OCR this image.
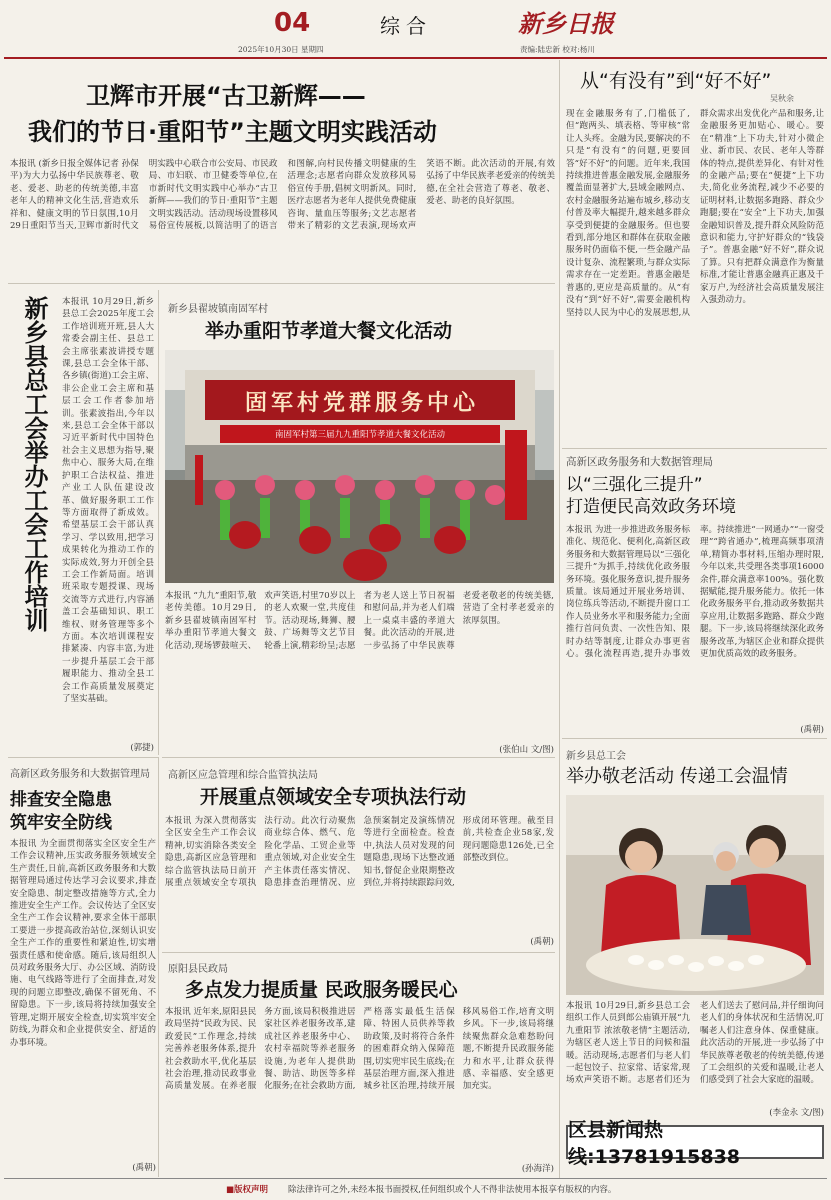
04	综合
2025年10月30日 星期四
新乡日报
责编:陆忠新 校对:杨川
卫辉市开展“古卫新辉——
我们的节日·重阳节”主题文明实践活动
本报讯 (新乡日报全媒体记者 孙保平)为大力弘扬中华民族尊老、敬老、爱老、助老的传统美德,丰富老年人的精神文化生活,营造欢乐祥和、健康文明的节日氛围,10月29日重阳节当天,卫辉市新时代文明实践中心联合市公安局、市民政局、市妇联、市卫健委等单位,在市新时代文明实践中心举办“古卫新辉——我们的节日·重阳节”主题文明实践活动。活动现场设置移风易俗宣传展板,以简洁明了的语言和图解,向村民传播文明健康的生活理念;志愿者向群众发放移风易俗宣传手册,倡树文明新风。同时,医疗志愿者为老年人提供免费健康咨询、量血压等服务;文艺志愿者带来了精彩的文艺表演,现场欢声笑语不断。此次活动的开展,有效弘扬了中华民族孝老爱亲的传统美德,在全社会营造了尊老、敬老、爱老、助老的良好氛围。
新乡县总工会举办工会工作培训	本报讯 10月29日,新乡县总工会2025年度工会工作培训班开班,县人大常委会副主任、县总工会主席张素波讲授专题课,县总工会全体干部、各乡镇(街道)工会主席、非公企业工会主席和基层工会工作者参加培训。张素波指出,今年以来,县总工会全体干部以习近平新时代中国特色社会主义思想为指导,聚焦中心、服务大局,在维护职工合法权益、推进产业工人队伍建设改革、做好服务职工工作等方面取得了新成效。希望基层工会干部认真学习、学以致用,把学习成果转化为推动工作的实际成效,努力开创全县工会工作新局面。培训班采取专题授课、现场交流等方式进行,内容涵盖工会基础知识、职工维权、财务管理等多个方面。本次培训课程安排紧凑、内容丰富,为进一步提升基层工会干部履职能力、推动全县工会工作高质量发展奠定了坚实基础。
(郭捷)
高新区政务服务和大数据管理局
排查安全隐患
筑牢安全防线
本报讯 为全面贯彻落实全区安全生产工作会议精神,压实政务服务领域安全生产责任,日前,高新区政务服务和大数据管理局通过传达学习会议要求,排查安全隐患、制定整改措施等方式,全力推进安全生产工作。会议传达了全区安全生产工作会议精神,要求全体干部职工要进一步提高政治站位,深刻认识安全生产工作的重要性和紧迫性,切实增强责任感和使命感。随后,该局组织人员对政务服务大厅、办公区域、消防设施、电气线路等进行了全面排查,对发现的问题立即整改,确保不留死角、不留隐患。下一步,该局将持续加强安全管理,定期开展安全检查,切实筑牢安全防线,为群众和企业提供安全、舒适的办事环境。
(禹朝)
新乡县翟坡镇南固军村
举办重阳节孝道大餐文化活动
固军村党群服务中心
南固军村第三届九九重阳节孝道大餐文化活动
本报讯 “九九”重阳节,敬老传美德。10月29日,新乡县翟坡镇南固军村举办重阳节孝道大餐文化活动,现场锣鼓喧天、欢声笑语,村里70岁以上的老人欢聚一堂,共度佳节。活动现场,舞狮、腰鼓、广场舞等文艺节目轮番上演,精彩纷呈;志愿者为老人送上节日祝福和慰问品,并为老人们端上一桌桌丰盛的孝道大餐。此次活动的开展,进一步弘扬了中华民族尊老爱老敬老的传统美德,营造了全村孝老爱亲的浓厚氛围。
(张伯山 文/图)
高新区应急管理和综合监管执法局
开展重点领域安全专项执法行动
本报讯 为深入贯彻落实全区安全生产工作会议精神,切实消除各类安全隐患,高新区应急管理和综合监管执法局日前开展重点领域安全专项执法行动。此次行动聚焦商业综合体、燃气、危险化学品、工贸企业等重点领域,对企业安全生产主体责任落实情况、隐患排查治理情况、应急预案制定及演练情况等进行全面检查。检查中,执法人员对发现的问题隐患,现场下达整改通知书,督促企业限期整改到位,并将持续跟踪问效,形成闭环管理。截至目前,共检查企业58家,发现问题隐患126处,已全部整改到位。
(禹朝)
原阳县民政局
多点发力提质量 民政服务暖民心
本报讯 近年来,原阳县民政局坚持“民政为民、民政爱民”工作理念,持续完善养老服务体系,提升社会救助水平,优化基层社会治理,推动民政事业高质量发展。在养老服务方面,该局积极推进居家社区养老服务改革,建成社区养老服务中心、农村幸福院等养老服务设施,为老年人提供助餐、助洁、助医等多样化服务;在社会救助方面,严格落实最低生活保障、特困人员供养等救助政策,及时将符合条件的困难群众纳入保障范围,切实兜牢民生底线;在基层治理方面,深入推进城乡社区治理,持续开展移风易俗工作,培育文明乡风。下一步,该局将继续聚焦群众急难愁盼问题,不断提升民政服务能力和水平,让群众获得感、幸福感、安全感更加充实。
(孙海洋)
从“有没有”到“好不好”
吴秋余
现在金融服务有了,门槛低了,但“跑两头、填表格、等审核”常让人头疼。金融为民,要解决的不只是“有没有”的问题,更要回答“好不好”的问题。近年来,我国持续推进普惠金融发展,金融服务覆盖面显著扩大,县域金融网点、农村金融服务站遍布城乡,移动支付普及率大幅提升,越来越多群众享受到便捷的金融服务。但也要看到,部分地区和群体在获取金融服务时仍面临不便,一些金融产品设计复杂、流程繁琐,与群众实际需求存在一定差距。普惠金融是普惠的,更应是高质量的。从“有没有”到“好不好”,需要金融机构坚持以人民为中心的发展思想,从群众需求出发优化产品和服务,让金融服务更加贴心、暖心。要在“精准”上下功夫,针对小微企业、新市民、农民、老年人等群体的特点,提供差异化、有针对性的金融产品;要在“便捷”上下功夫,简化业务流程,减少不必要的证明材料,让数据多跑路、群众少跑腿;要在“安全”上下功夫,加强金融知识普及,提升群众风险防范意识和能力,守护好群众的“钱袋子”。普惠金融“好不好”,群众说了算。只有把群众满意作为衡量标准,才能让普惠金融真正惠及千家万户,为经济社会高质量发展注入强劲动力。
高新区政务服务和大数据管理局
以“三强化三提升”
打造便民高效政务环境
本报讯 为进一步推进政务服务标准化、规范化、便利化,高新区政务服务和大数据管理局以“三强化三提升”为抓手,持续优化政务服务环境。强化服务意识,提升服务质量。该局通过开展业务培训、岗位练兵等活动,不断提升窗口工作人员业务水平和服务能力;全面推行首问负责、一次性告知、限时办结等制度,让群众办事更省心。强化流程再造,提升办事效率。持续推进“一网通办”“一窗受理”“跨省通办”,梳理高频事项清单,精简办事材料,压缩办理时限,今年以来,共受理各类事项16000余件,群众满意率100%。强化数据赋能,提升服务能力。依托一体化政务服务平台,推动政务数据共享应用,让数据多跑路、群众少跑腿。下一步,该局将继续深化政务服务改革,为辖区企业和群众提供更加优质高效的政务服务。
(禹朝)
新乡县总工会
举办敬老活动 传递工会温情
本报讯 10月29日,新乡县总工会组织工作人员到郎公庙镇开展“九九重阳节 浓浓敬老情”主题活动,为辖区老人送上节日的问候和温暖。活动现场,志愿者们与老人们一起包饺子、拉家常、话家常,现场欢声笑语不断。志愿者们还为老人们送去了慰问品,并仔细询问老人们的身体状况和生活情况,叮嘱老人们注意身体、保重健康。此次活动的开展,进一步弘扬了中华民族尊老敬老的传统美德,传递了工会组织的关爱和温暖,让老人们感受到了社会大家庭的温暖。
(李金永 文/图)
区县新闻热线:13781915838
■版权声明 除法律许可之外,未经本报书面授权,任何组织或个人不得非法使用本报享有版权的内容。
